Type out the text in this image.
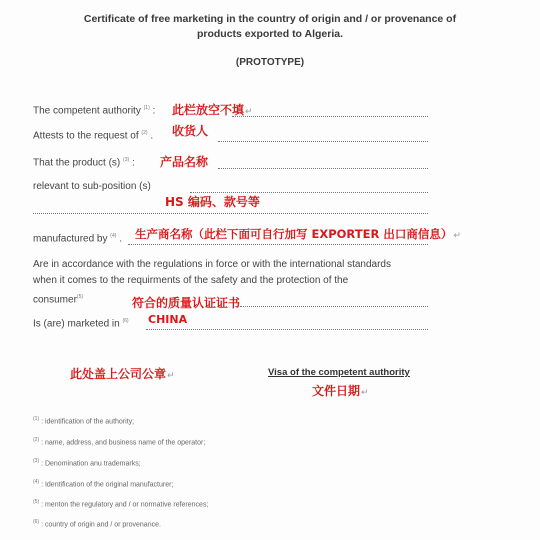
Certificate of free marketing in the country of origin and / or provenance of
products exported to Algeria.
(PROTOTYPE)
The competent authority $^{(1)}$ : 此栏放空不填↵
Attests to the request of $^{(2)}$ . 收货人
That the product (s) $^{(3)}$ : 产品名称
relevant to sub-position (s)
HS 编码、款号等
manufactured by $^{(4)}$ . 生产商名称（此栏下面可自行加写 EXPORTER 出口商信息）↵
Are in accordance with the regulations in force or with the international standards
when it comes to the requirments of the safety and the protection of the
consumer$^{(5)}$	符合的质量认证证书
Is (are) marketed in $^{(6)}$ CHINA
此处盖上公司公章↵	Visa of the competent authority
文件日期↵
$^{(1)}$ : identification of the authority;
$^{(2)}$ : name, address, and business name of the operator;
$^{(3)}$ : Denomination anu trademarks;
$^{(4)}$ : Identification of the original manufacturer;
$^{(5)}$ : menton the regulatory and / or normative references;
$^{(6)}$ : country of origin and / or provenance.
